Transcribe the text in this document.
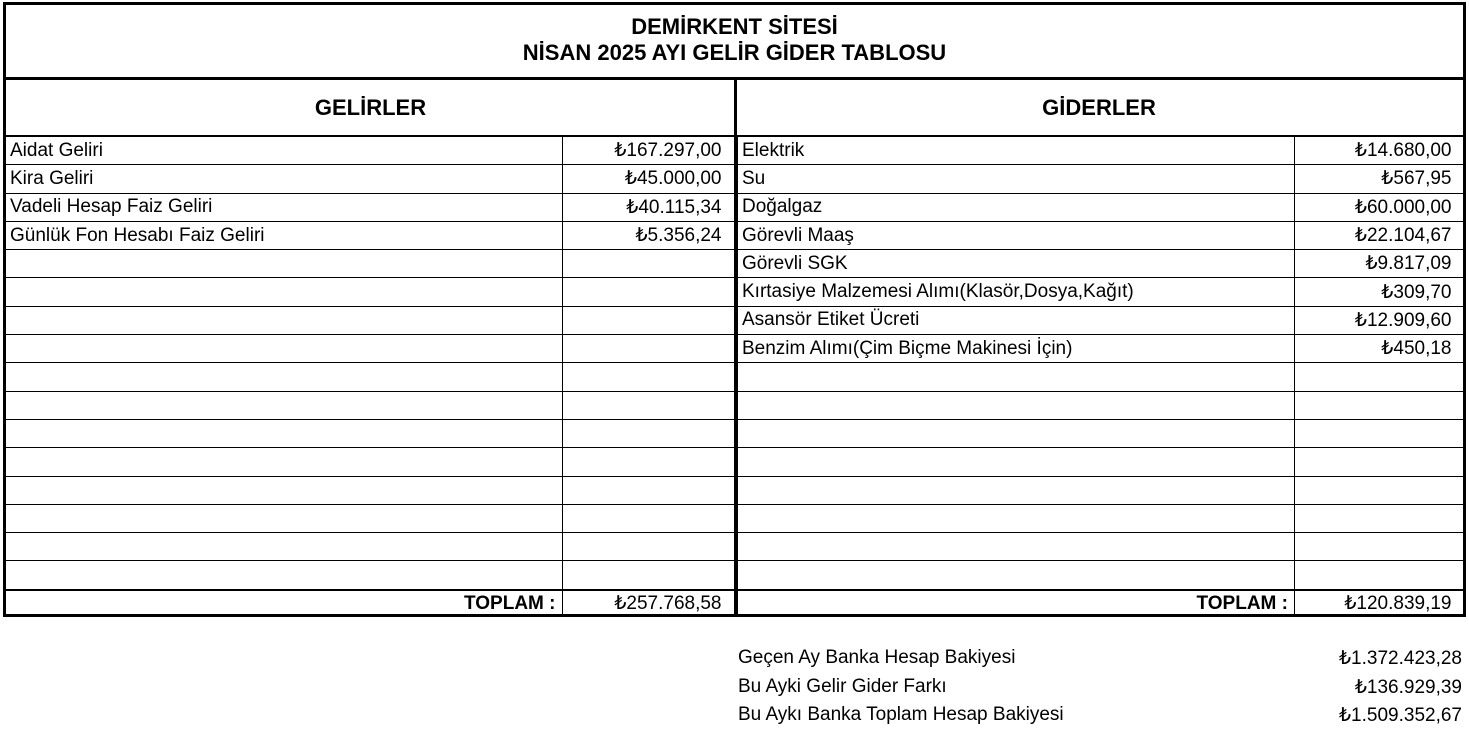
DEMİRKENT SİTESİ
NİSAN 2025 AYI GELİR GİDER TABLOSU
GELİRLER	GİDERLER
Aidat Geliri	₺167.297,00
Kira Geliri	₺45.000,00
Vadeli Hesap Faiz Geliri	₺40.115,34
Günlük Fon Hesabı Faiz Geliri	₺5.356,24

TOPLAM :	₺257.768,58
Elektrik	₺14.680,00
Su	₺567,95
Doğalgaz	₺60.000,00
Görevli Maaş	₺22.104,67
Görevli SGK	₺9.817,09
Kırtasiye Malzemesi Alımı(Klasör,Dosya,Kağıt)	₺309,70
Asansör Etiket Ücreti	₺12.909,60
Benzim Alımı(Çim Biçme Makinesi İçin)	₺450,18

TOPLAM :	₺120.839,19
Geçen Ay Banka Hesap Bakiyesi	₺1.372.423,28
Bu Ayki Gelir Gider Farkı	₺136.929,39
Bu Aykı Banka Toplam Hesap Bakiyesi	₺1.509.352,67
